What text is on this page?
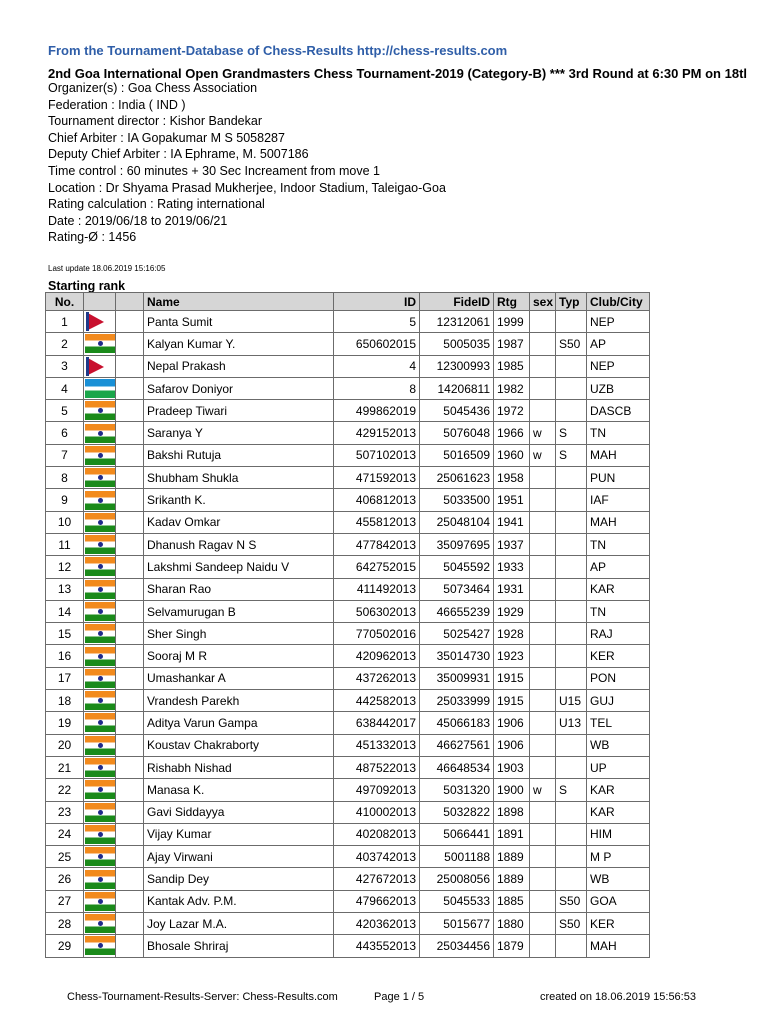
From the Tournament-Database of Chess-Results http://chess-results.com
2nd Goa International Open Grandmasters Chess Tournament-2019 (Category-B) *** 3rd Round at 6:30 PM on 18tl
Organizer(s) : Goa Chess Association
Federation : India ( IND )
Tournament director : Kishor Bandekar
Chief Arbiter : IA Gopakumar M S 5058287
Deputy Chief Arbiter : IA Ephrame, M. 5007186
Time control : 60 minutes + 30 Sec Increament from move 1
Location : Dr Shyama Prasad Mukherjee, Indoor Stadium, Taleigao-Goa
Rating calculation : Rating international
Date : 2019/06/18 to 2019/06/21
Rating-Ø : 1456
Last update 18.06.2019 15:16:05
Starting rank
No.			Name	ID	FideID	Rtg	sex	Typ	Club/City
1			Panta Sumit	5	12312061	1999			NEP
2			Kalyan Kumar Y.	650602015	5005035	1987		S50	AP
3			Nepal Prakash	4	12300993	1985			NEP
4			Safarov Doniyor	8	14206811	1982			UZB
5			Pradeep Tiwari	499862019	5045436	1972			DASCB
6			Saranya Y	429152013	5076048	1966	w	S	TN
7			Bakshi Rutuja	507102013	5016509	1960	w	S	MAH
8			Shubham Shukla	471592013	25061623	1958			PUN
9			Srikanth K.	406812013	5033500	1951			IAF
10			Kadav Omkar	455812013	25048104	1941			MAH
11			Dhanush Ragav N S	477842013	35097695	1937			TN
12			Lakshmi Sandeep Naidu V	642752015	5045592	1933			AP
13			Sharan Rao	411492013	5073464	1931			KAR
14			Selvamurugan B	506302013	46655239	1929			TN
15			Sher Singh	770502016	5025427	1928			RAJ
16			Sooraj M R	420962013	35014730	1923			KER
17			Umashankar A	437262013	35009931	1915			PON
18			Vrandesh Parekh	442582013	25033999	1915		U15	GUJ
19			Aditya Varun Gampa	638442017	45066183	1906		U13	TEL
20			Koustav Chakraborty	451332013	46627561	1906			WB
21			Rishabh Nishad	487522013	46648534	1903			UP
22			Manasa K.	497092013	5031320	1900	w	S	KAR
23			Gavi Siddayya	410002013	5032822	1898			KAR
24			Vijay Kumar	402082013	5066441	1891			HIM
25			Ajay Virwani	403742013	5001188	1889			M P
26			Sandip Dey	427672013	25008056	1889			WB
27			Kantak Adv. P.M.	479662013	5045533	1885		S50	GOA
28			Joy Lazar M.A.	420362013	5015677	1880		S50	KER
29			Bhosale Shriraj	443552013	25034456	1879			MAH
Chess-Tournament-Results-Server: Chess-Results.com	Page 1 / 5	created on 18.06.2019 15:56:53
